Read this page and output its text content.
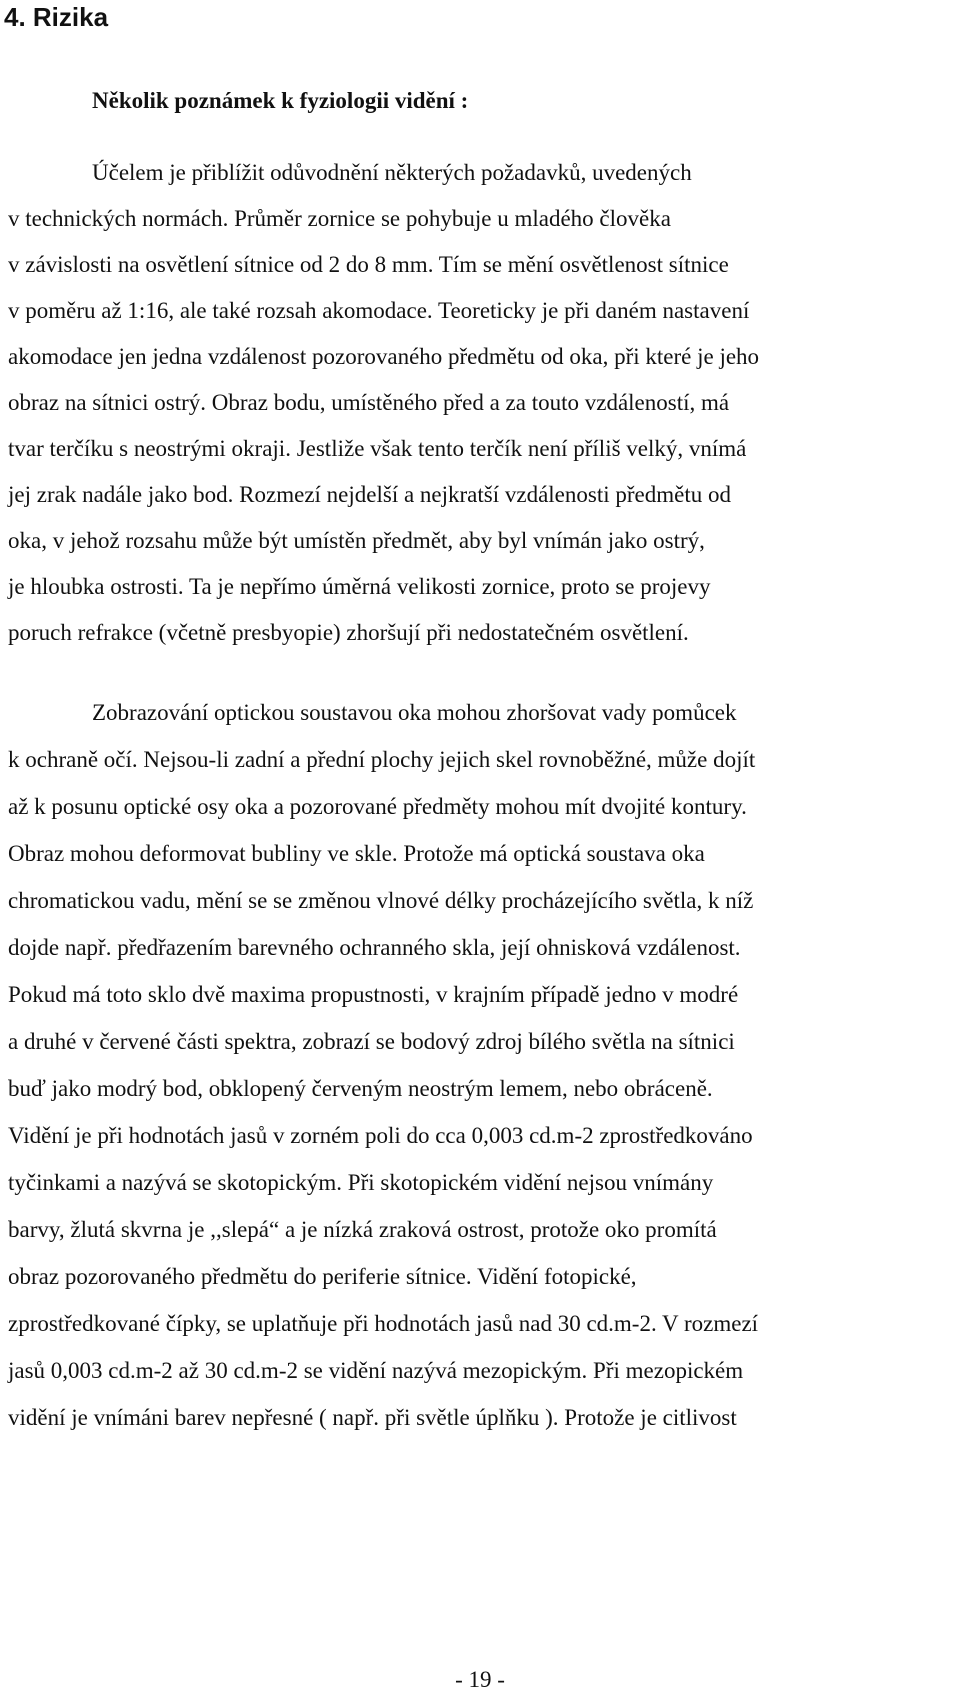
4. Rizika

Několik poznámek k fyziologii vidění :

Účelem je přiblížit odůvodnění některých požadavků, uvedených

v technických normách. Průměr zornice se pohybuje u mladého člověka

v závislosti na osvětlení sítnice od 2 do 8 mm. Tím se mění osvětlenost sítnice

v poměru až 1:16, ale také rozsah akomodace. Teoreticky je při daném nastavení

akomodace jen jedna vzdálenost pozorovaného předmětu od oka, při které je jeho

obraz na sítnici ostrý. Obraz bodu, umístěného před a za touto vzdáleností, má

tvar terčíku s neostrými okraji. Jestliže však tento terčík není příliš velký, vnímá

jej zrak nadále jako bod. Rozmezí nejdelší a nejkratší vzdálenosti předmětu od

oka, v jehož rozsahu může být umístěn předmět, aby byl vnímán jako ostrý,

je hloubka ostrosti. Ta je nepřímo úměrná velikosti zornice, proto se projevy

poruch refrakce (včetně presbyopie) zhoršují při nedostatečném osvětlení.

Zobrazování optickou soustavou oka mohou zhoršovat vady pomůcek

k ochraně očí. Nejsou-li zadní a přední plochy jejich skel rovnoběžné, může dojít

až k posunu optické osy oka a pozorované předměty mohou mít dvojité kontury.

Obraz mohou deformovat bubliny ve skle. Protože má optická soustava oka

chromatickou vadu, mění se se změnou vlnové délky procházejícího světla, k níž

dojde např. předřazením barevného ochranného skla, její ohnisková vzdálenost.

Pokud má toto sklo dvě maxima propustnosti, v krajním případě jedno v modré

a druhé v červené části spektra, zobrazí se bodový zdroj bílého světla na sítnici

buď jako modrý bod, obklopený červeným neostrým lemem, nebo obráceně.

Vidění je při hodnotách jasů v zorném poli do cca 0,003 cd.m-2 zprostředkováno

tyčinkami a nazývá se skotopickým. Při skotopickém vidění nejsou vnímány

barvy, žlutá skvrna je ,,slepá“ a je nízká zraková ostrost, protože oko promítá

obraz pozorovaného předmětu do periferie sítnice. Vidění fotopické,

zprostředkované čípky, se uplatňuje při hodnotách jasů nad 30 cd.m-2. V rozmezí

jasů 0,003 cd.m-2 až 30 cd.m-2 se vidění nazývá mezopickým. Při mezopickém

vidění je vnímáni barev nepřesné ( např. při světle úplňku ). Protože je citlivost

- 19 -
